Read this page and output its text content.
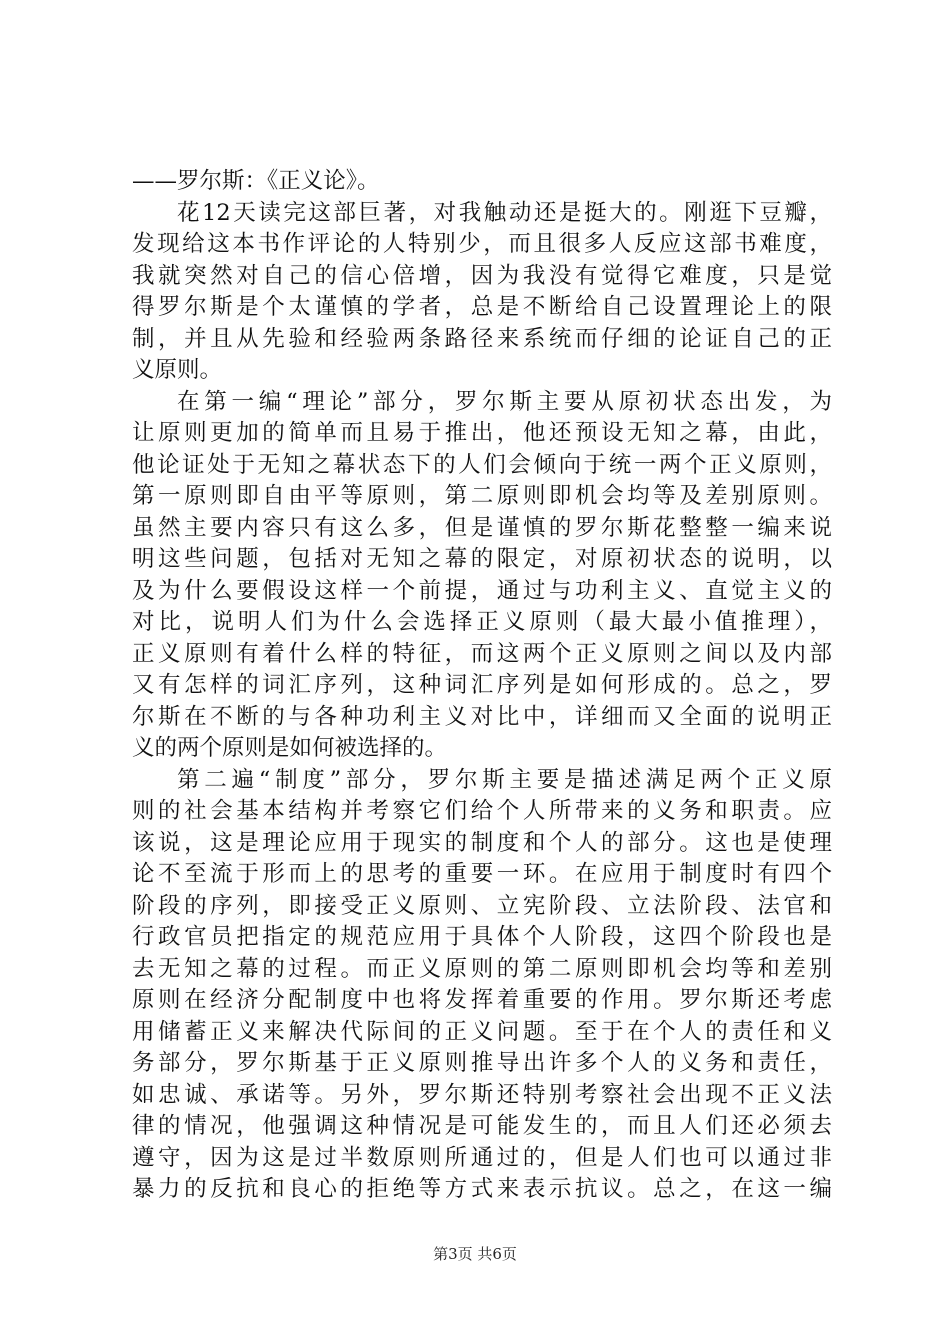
——罗尔斯：《正义论》。
花12天读完这部巨著，对我触动还是挺大的。刚逛下豆瓣，
发现给这本书作评论的人特别少，而且很多人反应这部书难度，
我就突然对自己的信心倍增，因为我没有觉得它难度，只是觉
得罗尔斯是个太谨慎的学者，总是不断给自己设置理论上的限
制，并且从先验和经验两条路径来系统而仔细的论证自己的正
义原则。
在第一编“理论”部分，罗尔斯主要从原初状态出发，为
让原则更加的简单而且易于推出，他还预设无知之幕，由此，
他论证处于无知之幕状态下的人们会倾向于统一两个正义原则，
第一原则即自由平等原则，第二原则即机会均等及差别原则。
虽然主要内容只有这么多，但是谨慎的罗尔斯花整整一编来说
明这些问题，包括对无知之幕的限定，对原初状态的说明，以
及为什么要假设这样一个前提，通过与功利主义、直觉主义的
对比，说明人们为什么会选择正义原则（最大最小值推理），
正义原则有着什么样的特征，而这两个正义原则之间以及内部
又有怎样的词汇序列，这种词汇序列是如何形成的。总之，罗
尔斯在不断的与各种功利主义对比中，详细而又全面的说明正
义的两个原则是如何被选择的。
第二遍“制度”部分，罗尔斯主要是描述满足两个正义原
则的社会基本结构并考察它们给个人所带来的义务和职责。应
该说，这是理论应用于现实的制度和个人的部分。这也是使理
论不至流于形而上的思考的重要一环。在应用于制度时有四个
阶段的序列，即接受正义原则、立宪阶段、立法阶段、法官和
行政官员把指定的规范应用于具体个人阶段，这四个阶段也是
去无知之幕的过程。而正义原则的第二原则即机会均等和差别
原则在经济分配制度中也将发挥着重要的作用。罗尔斯还考虑
用储蓄正义来解决代际间的正义问题。至于在个人的责任和义
务部分，罗尔斯基于正义原则推导出许多个人的义务和责任，
如忠诚、承诺等。另外，罗尔斯还特别考察社会出现不正义法
律的情况，他强调这种情况是可能发生的，而且人们还必须去
遵守，因为这是过半数原则所通过的，但是人们也可以通过非
暴力的反抗和良心的拒绝等方式来表示抗议。总之，在这一编
第3页 共6页
